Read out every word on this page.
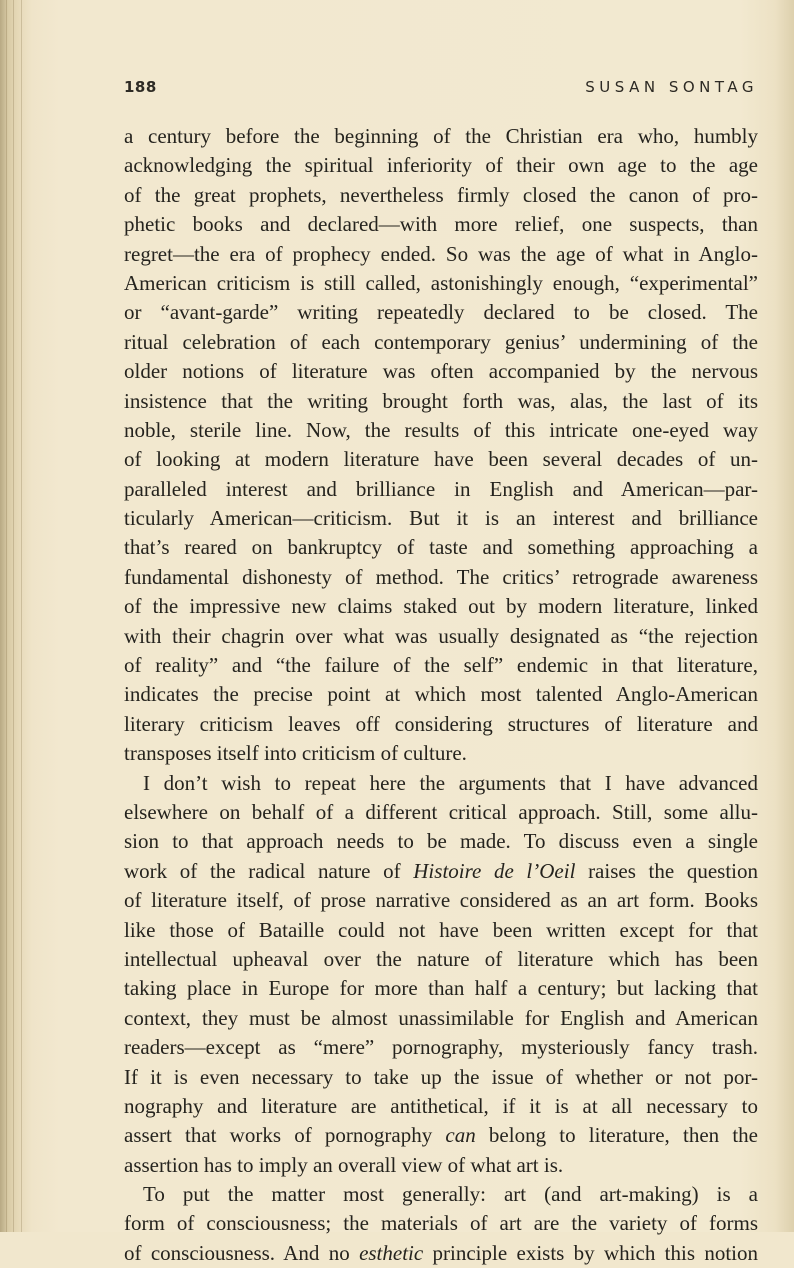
188	SUSAN SONTAG
a century before the beginning of the Christian era who, humbly
acknowledging the spiritual inferiority of their own age to the age
of the great prophets, nevertheless firmly closed the canon of pro-
phetic books and declared—with more relief, one suspects, than
regret—the era of prophecy ended. So was the age of what in Anglo-
American criticism is still called, astonishingly enough, “experimental”
or “avant-garde” writing repeatedly declared to be closed. The
ritual celebration of each contemporary genius’ undermining of the
older notions of literature was often accompanied by the nervous
insistence that the writing brought forth was, alas, the last of its
noble, sterile line. Now, the results of this intricate one-eyed way
of looking at modern literature have been several decades of un-
paralleled interest and brilliance in English and American—par-
ticularly American—criticism. But it is an interest and brilliance
that’s reared on bankruptcy of taste and something approaching a
fundamental dishonesty of method. The critics’ retrograde awareness
of the impressive new claims staked out by modern literature, linked
with their chagrin over what was usually designated as “the rejection
of reality” and “the failure of the self” endemic in that literature,
indicates the precise point at which most talented Anglo-American
literary criticism leaves off considering structures of literature and
transposes itself into criticism of culture.
I don’t wish to repeat here the arguments that I have advanced
elsewhere on behalf of a different critical approach. Still, some allu-
sion to that approach needs to be made. To discuss even a single
work of the radical nature of Histoire de l’Oeil raises the question
of literature itself, of prose narrative considered as an art form. Books
like those of Bataille could not have been written except for that
intellectual upheaval over the nature of literature which has been
taking place in Europe for more than half a century; but lacking that
context, they must be almost unassimilable for English and American
readers—except as “mere” pornography, mysteriously fancy trash.
If it is even necessary to take up the issue of whether or not por-
nography and literature are antithetical, if it is at all necessary to
assert that works of pornography can belong to literature, then the
assertion has to imply an overall view of what art is.
To put the matter most generally: art (and art-making) is a
form of consciousness; the materials of art are the variety of forms
of consciousness. And no esthetic principle exists by which this notion
